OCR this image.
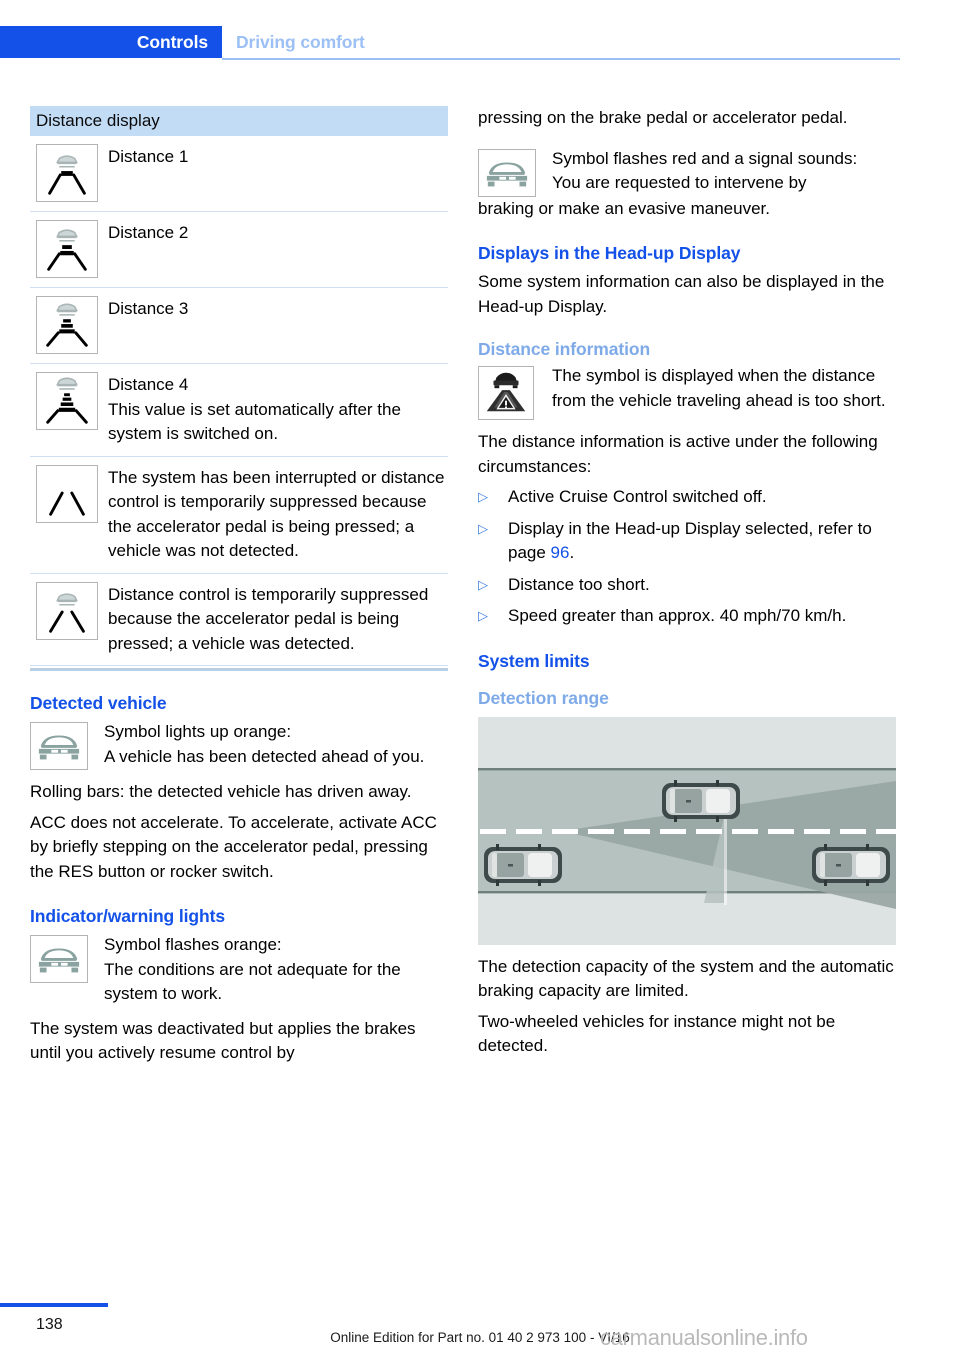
Controls Driving comfort
Distance display

Distance 1

Distance 2

Distance 3

Distance 4

This value is set automatically after the system is switched on.

The system has been interrupted or distance control is temporarily suppressed because the accelerator pedal is being pressed; a vehicle was not detected.

Distance control is temporarily suppressed because the accelerator pedal is being pressed; a vehicle was detected.

Detected vehicle

Symbol lights up orange:

A vehicle has been detected ahead of you.

Rolling bars: the detected vehicle has driven away.

ACC does not accelerate. To accelerate, activate ACC by briefly stepping on the accelerator pedal, pressing the RES button or rocker switch.

Indicator/warning lights

Symbol flashes orange:

The conditions are not adequate for the system to work.

The system was deactivated but applies the brakes until you actively resume control by

pressing on the brake pedal or accelerator pedal.

Symbol flashes red and a signal sounds:

You are requested to intervene by

braking or make an evasive maneuver.

Displays in the Head-up Display

Some system information can also be displayed in the Head-up Display.

Distance information

The symbol is displayed when the distance from the vehicle traveling ahead is too short.

The distance information is active under the following circumstances:

▷	Active Cruise Control switched off.
▷	Display in the Head-up Display selected, refer to page 96.
▷	Distance too short.
▷	Speed greater than approx. 40 mph/70 km/h.
System limits
Detection range

The detection capacity of the system and the automatic braking capacity are limited.

Two-wheeled vehicles for instance might not be detected.

138
Online Edition for Part no. 01 40 2 973 100 - VI/16
carmanualsonline.info
